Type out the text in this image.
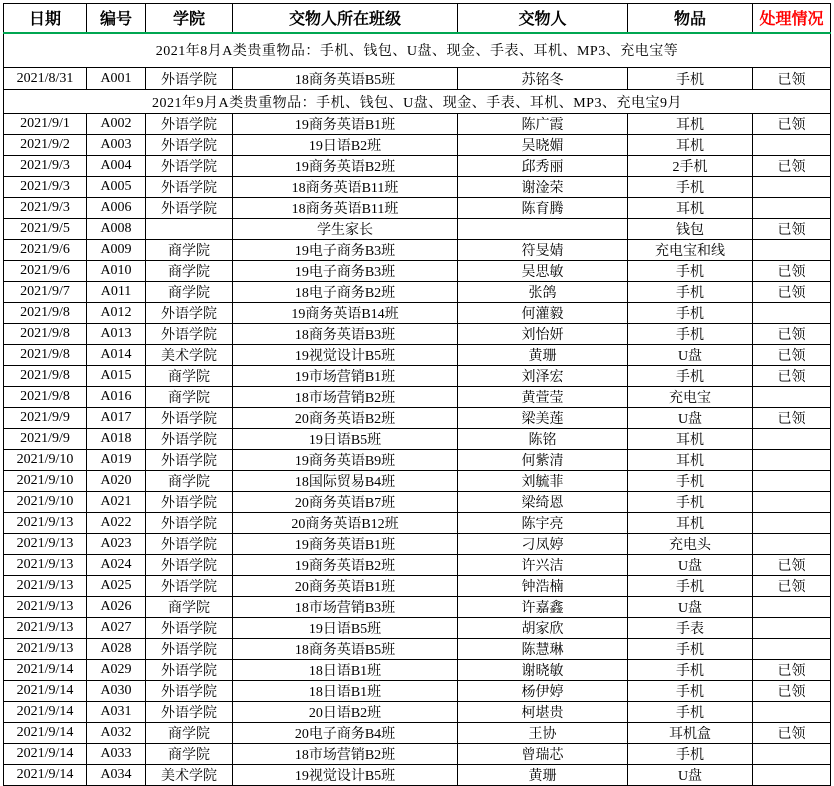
日期	编号	学院	交物人所在班级	交物人	物品	处理情况
2021年8月A类贵重物品：手机、钱包、U盘、现金、手表、耳机、MP3、充电宝等						
2021/8/31	A001	外语学院	18商务英语B5班	苏铭冬	手机	已领
2021年9月A类贵重物品：手机、钱包、U盘、现金、手表、耳机、MP3、充电宝9月						
2021/9/1	A002	外语学院	19商务英语B1班	陈广霞	耳机	已领
2021/9/2	A003	外语学院	19日语B2班	吴晓媚	耳机	
2021/9/3	A004	外语学院	19商务英语B2班	邱秀丽	2手机	已领
2021/9/3	A005	外语学院	18商务英语B11班	谢淦荣	手机	
2021/9/3	A006	外语学院	18商务英语B11班	陈育腾	耳机	
2021/9/5	A008		学生家长		钱包	已领
2021/9/6	A009	商学院	19电子商务B3班	符旻婧	充电宝和线	
2021/9/6	A010	商学院	19电子商务B3班	吴思敏	手机	已领
2021/9/7	A011	商学院	18电子商务B2班	张鸽	手机	已领
2021/9/8	A012	外语学院	19商务英语B14班	何灌毅	手机	
2021/9/8	A013	外语学院	18商务英语B3班	刘怡妍	手机	已领
2021/9/8	A014	美术学院	19视觉设计B5班	黄珊	U盘	已领
2021/9/8	A015	商学院	19市场营销B1班	刘泽宏	手机	已领
2021/9/8	A016	商学院	18市场营销B2班	黄萱莹	充电宝	
2021/9/9	A017	外语学院	20商务英语B2班	梁美莲	U盘	已领
2021/9/9	A018	外语学院	19日语B5班	陈铭	耳机	
2021/9/10	A019	外语学院	19商务英语B9班	何紫清	耳机	
2021/9/10	A020	商学院	18国际贸易B4班	刘毓菲	手机	
2021/9/10	A021	外语学院	20商务英语B7班	梁绮恩	手机	
2021/9/13	A022	外语学院	20商务英语B12班	陈宇亮	耳机	
2021/9/13	A023	外语学院	19商务英语B1班	刁凤婷	充电头	
2021/9/13	A024	外语学院	19商务英语B2班	许兴洁	U盘	已领
2021/9/13	A025	外语学院	20商务英语B1班	钟浩楠	手机	已领
2021/9/13	A026	商学院	18市场营销B3班	许嘉鑫	U盘	
2021/9/13	A027	外语学院	19日语B5班	胡家欣	手表	
2021/9/13	A028	外语学院	18商务英语B5班	陈慧琳	手机	
2021/9/14	A029	外语学院	18日语B1班	谢晓敏	手机	已领
2021/9/14	A030	外语学院	18日语B1班	杨伊婷	手机	已领
2021/9/14	A031	外语学院	20日语B2班	柯堪贵	手机	
2021/9/14	A032	商学院	20电子商务B4班	王协	耳机盒	已领
2021/9/14	A033	商学院	18市场营销B2班	曾瑞芯	手机	
2021/9/14	A034	美术学院	19视觉设计B5班	黄珊	U盘	
